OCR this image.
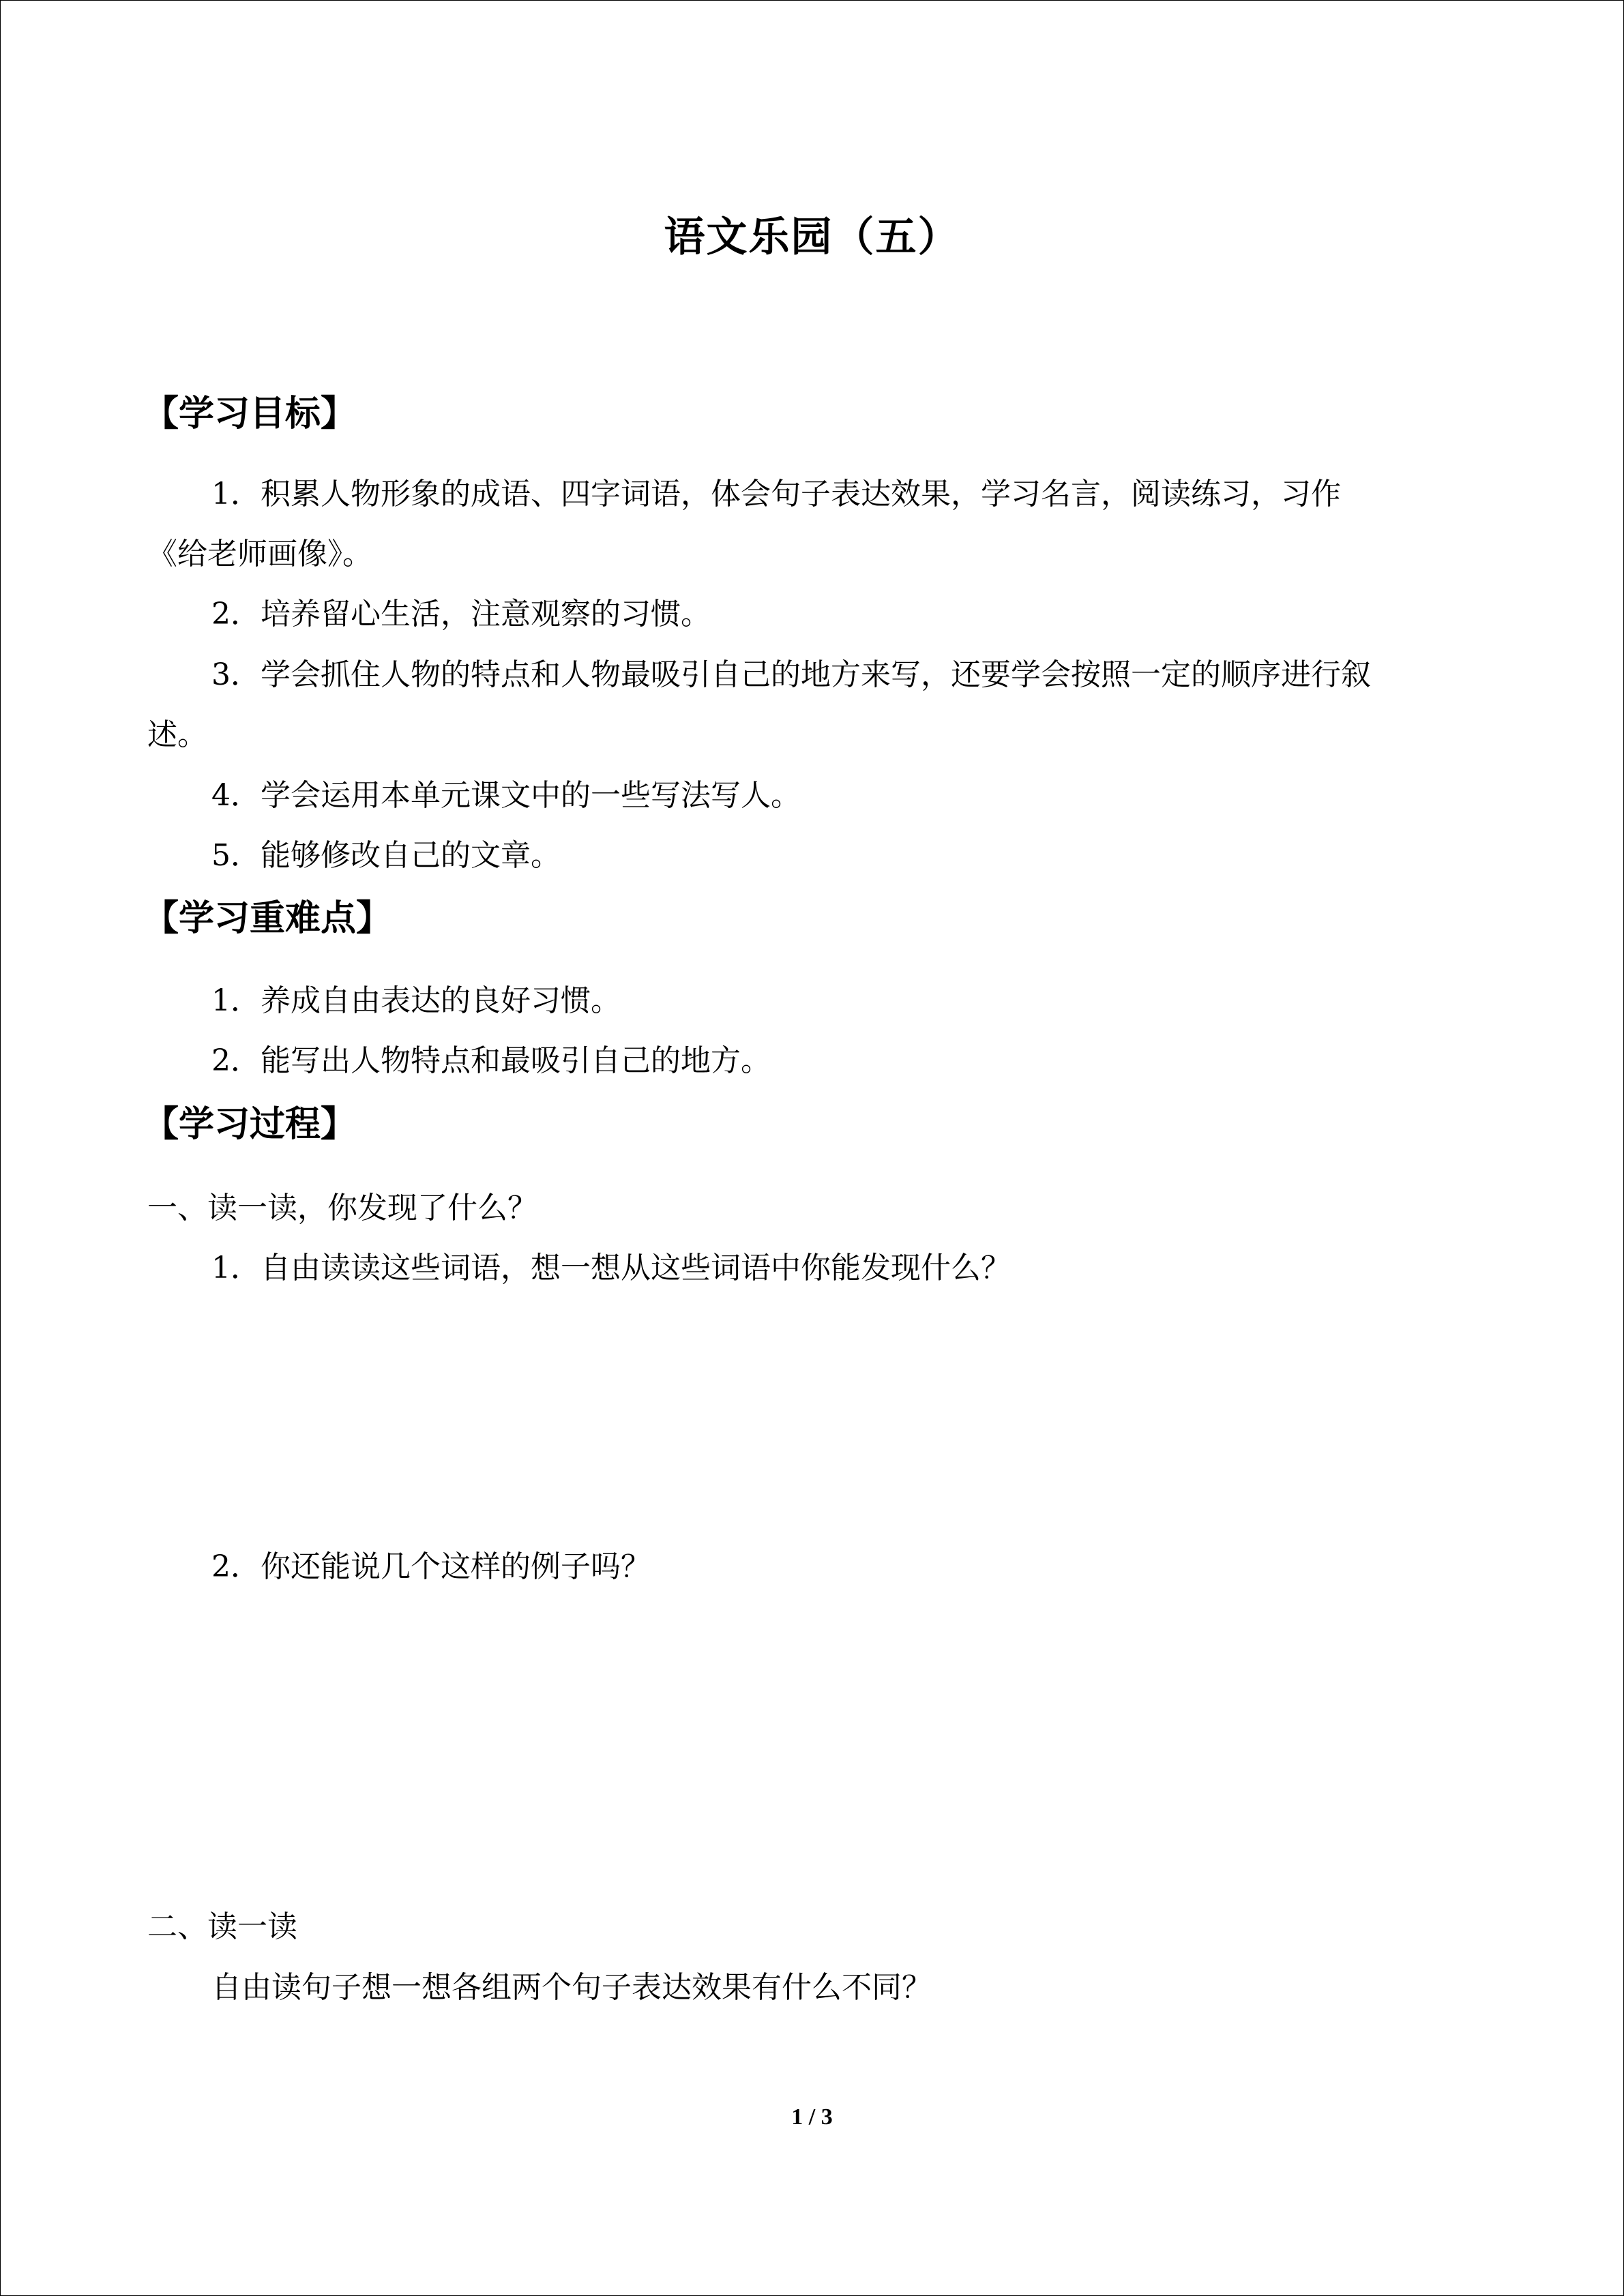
语文乐园（五）
【学习目标】
1．积累人物形象的成语、四字词语，体会句子表达效果，学习名言，阅读练习，习作
《给老师画像》。
2．培养留心生活，注意观察的习惯。
3．学会抓住人物的特点和人物最吸引自己的地方来写，还要学会按照一定的顺序进行叙
述。
4．学会运用本单元课文中的一些写法写人。
5．能够修改自己的文章。
【学习重难点】
1．养成自由表达的良好习惯。
2．能写出人物特点和最吸引自己的地方。
【学习过程】
一、读一读，你发现了什么？
1．自由读读这些词语，想一想从这些词语中你能发现什么？
2．你还能说几个这样的例子吗？
二、读一读
自由读句子想一想各组两个句子表达效果有什么不同？
1 / 3
